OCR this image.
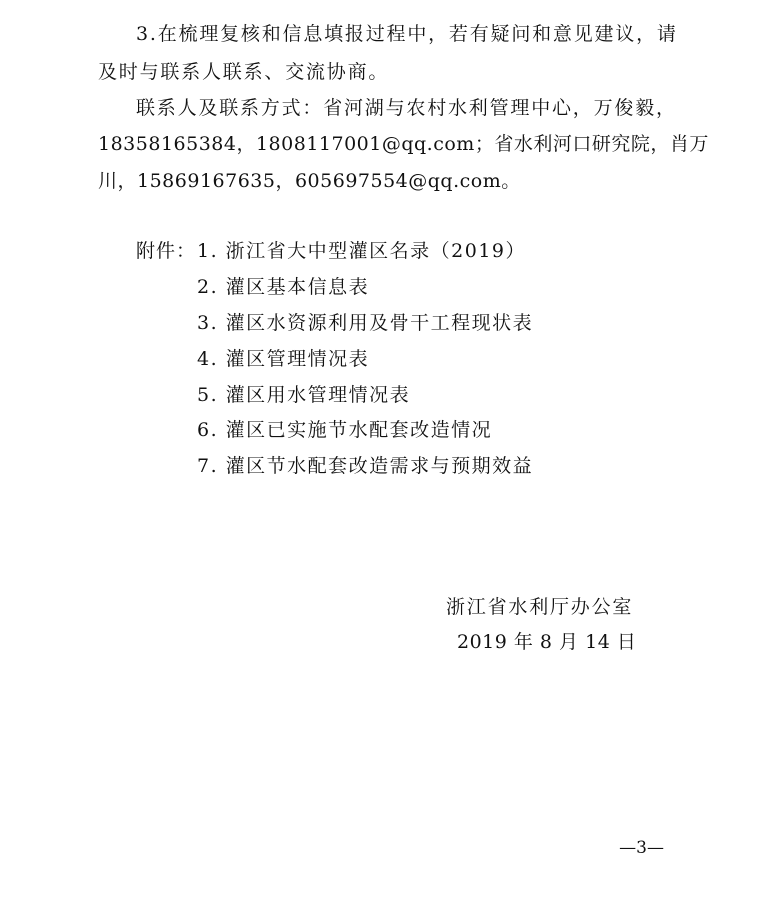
3.在梳理复核和信息填报过程中，若有疑问和意见建议，请
及时与联系人联系、交流协商。
联系人及联系方式：省河湖与农村水利管理中心，万俊毅，
18358165384，1808117001@qq.com；省水利河口研究院，肖万
川，15869167635，605697554@qq.com。
附件： 1. 浙江省大中型灌区名录（2019）
2. 灌区基本信息表
3. 灌区水资源利用及骨干工程现状表
4. 灌区管理情况表
5. 灌区用水管理情况表
6. 灌区已实施节水配套改造情况
7. 灌区节水配套改造需求与预期效益
浙江省水利厅办公室
2019 年 8 月 14 日
—3—
